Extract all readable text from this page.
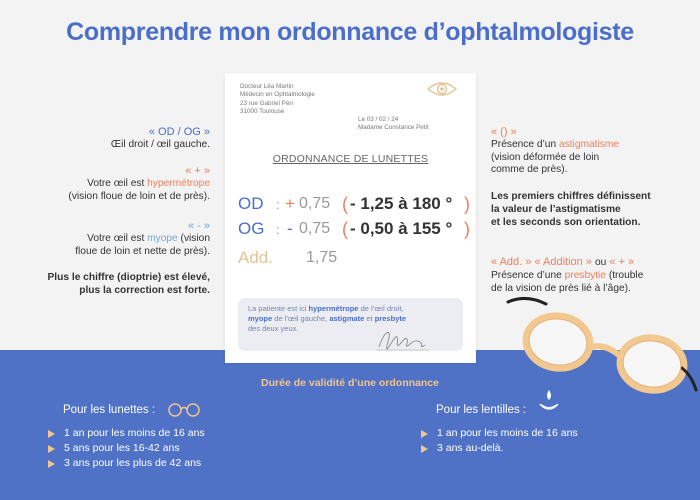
Comprendre mon ordonnance d’ophtalmologiste
Docteur Léa Martin
Médecin en Ophtalmologie
23 rue Gabriel Péri
31000 Toulouse
Le 03 / 02 / 24
Madame Constance Petit
ORDONNANCE DE LUNETTES
OD : + 0,75 ( - 1,25 à 180 ° )
OG : - 0,75 ( - 0,50 à 155 ° )
Add. 1,75
La patiente est ici hypermétrope de l’œil droit,
myope de l’œil gauche, astigmate et presbyte
des deux yeux.
« OD / OG »
Œil droit / œil gauche.
« + »
Votre œil est hypermétrope
(vision floue de loin et de près).
« - »
Votre œil est myope (vision
floue de loin et nette de près).
Plus le chiffre (dioptrie) est élevé,
plus la correction est forte.
« () »
Présence d’un astigmatisme
(vision déformée de loin
comme de près).
Les premiers chiffres définissent
la valeur de l’astigmatisme
et les seconds son orientation.
« Add. » « Addition » ou « + »
Présence d’une presbytie (trouble
de la vision de près lié à l’âge).
Durée de validité d’une ordonnance
Pour les lunettes :
1 an pour les moins de 16 ans
5 ans pour les 16-42 ans
3 ans pour les plus de 42 ans
Pour les lentilles :
1 an pour les moins de 16 ans
3 ans au-delà.
